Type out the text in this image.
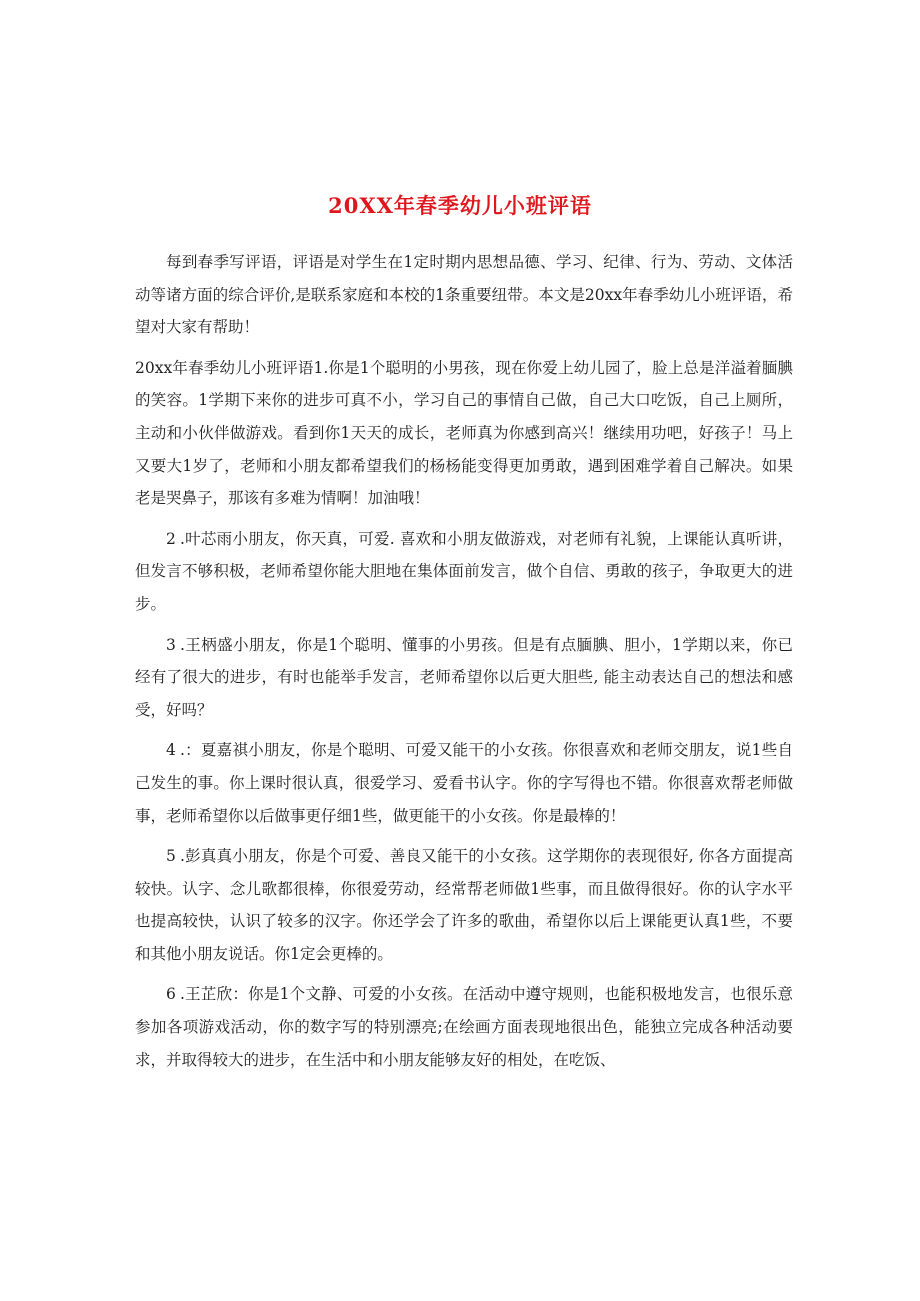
20XX年春季幼儿小班评语

每到春季写评语，评语是对学生在1定时期内思想品德、学习、纪律、行为、劳动、文体活动等诸方面的综合评价,是联系家庭和本校的1条重要纽带。本文是20xx年春季幼儿小班评语，希望对大家有帮助！

20xx年春季幼儿小班评语1.你是1个聪明的小男孩，现在你爱上幼儿园了，脸上总是洋溢着腼腆的笑容。1学期下来你的进步可真不小，学习自己的事情自己做，自己大口吃饭，自己上厕所，主动和小伙伴做游戏。看到你1天天的成长，老师真为你感到高兴！继续用功吧，好孩子！马上又要大1岁了，老师和小朋友都希望我们的杨杨能变得更加勇敢，遇到困难学着自己解决。如果老是哭鼻子，那该有多难为情啊！加油哦！

2 .叶芯雨小朋友，你天真，可爱. 喜欢和小朋友做游戏，对老师有礼貌，上课能认真听讲，但发言不够积极，老师希望你能大胆地在集体面前发言，做个自信、勇敢的孩子，争取更大的进步。

3 .王柄盛小朋友，你是1个聪明、懂事的小男孩。但是有点腼腆、胆小，1学期以来，你已经有了很大的进步，有时也能举手发言，老师希望你以后更大胆些, 能主动表达自己的想法和感受，好吗？

4 .：夏嘉祺小朋友，你是个聪明、可爱又能干的小女孩。你很喜欢和老师交朋友，说1些自己发生的事。你上课时很认真，很爱学习、爱看书认字。你的字写得也不错。你很喜欢帮老师做事，老师希望你以后做事更仔细1些，做更能干的小女孩。你是最棒的！

5 .彭真真小朋友，你是个可爱、善良又能干的小女孩。这学期你的表现很好, 你各方面提高较快。认字、念儿歌都很棒，你很爱劳动，经常帮老师做1些事，而且做得很好。你的认字水平也提高较快，认识了较多的汉字。你还学会了许多的歌曲，希望你以后上课能更认真1些，不要和其他小朋友说话。你1定会更棒的。

6 .王芷欣：你是1个文静、可爱的小女孩。在活动中遵守规则，也能积极地发言，也很乐意参加各项游戏活动，你的数字写的特别漂亮;在绘画方面表现地很出色，能独立完成各种活动要求，并取得较大的进步，在生活中和小朋友能够友好的相处，在吃饭、
